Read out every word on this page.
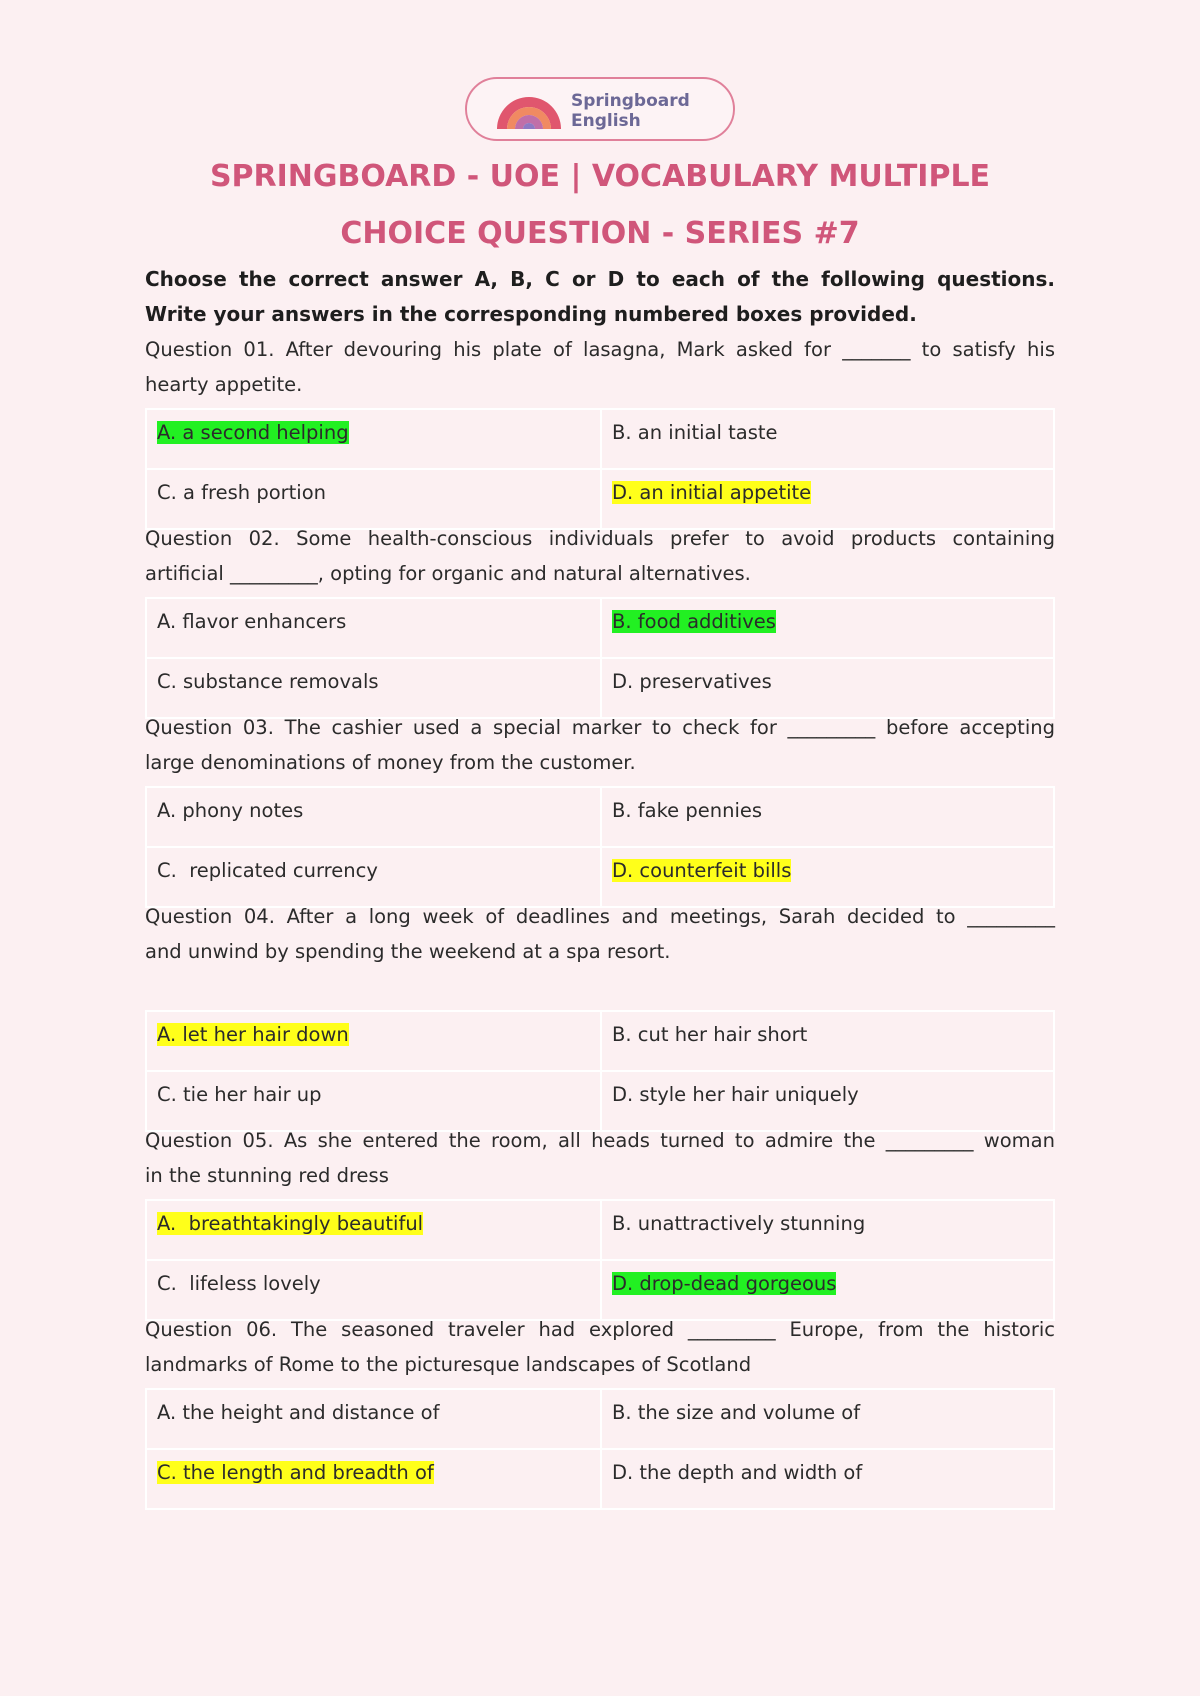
Springboard
English
SPRINGBOARD - UOE | VOCABULARY MULTIPLE
CHOICE QUESTION - SERIES #7
Choose the correct answer A, B, C or D to each of the following questions.
Write your answers in the corresponding numbered boxes provided.
Question 01. After devouring his plate of lasagna, Mark asked for _______ to satisfy his
hearty appetite.
A. a second helping	B. an initial taste
C. a fresh portion	D. an initial appetite
Question 02. Some health-conscious individuals prefer to avoid products containing
artificial _________, opting for organic and natural alternatives.
A. flavor enhancers	B. food additives
C. substance removals	D. preservatives
Question 03. The cashier used a special marker to check for _________ before accepting
large denominations of money from the customer.
A. phony notes	B. fake pennies
C.  replicated currency	D. counterfeit bills
Question 04. After a long week of deadlines and meetings, Sarah decided to _________
and unwind by spending the weekend at a spa resort.
A. let her hair down	B. cut her hair short
C. tie her hair up	D. style her hair uniquely
Question 05. As she entered the room, all heads turned to admire the _________ woman
in the stunning red dress
A.  breathtakingly beautiful	B. unattractively stunning
C.  lifeless lovely	D. drop-dead gorgeous
Question 06. The seasoned traveler had explored _________ Europe, from the historic
landmarks of Rome to the picturesque landscapes of Scotland
A. the height and distance of	B. the size and volume of
C. the length and breadth of	D. the depth and width of
